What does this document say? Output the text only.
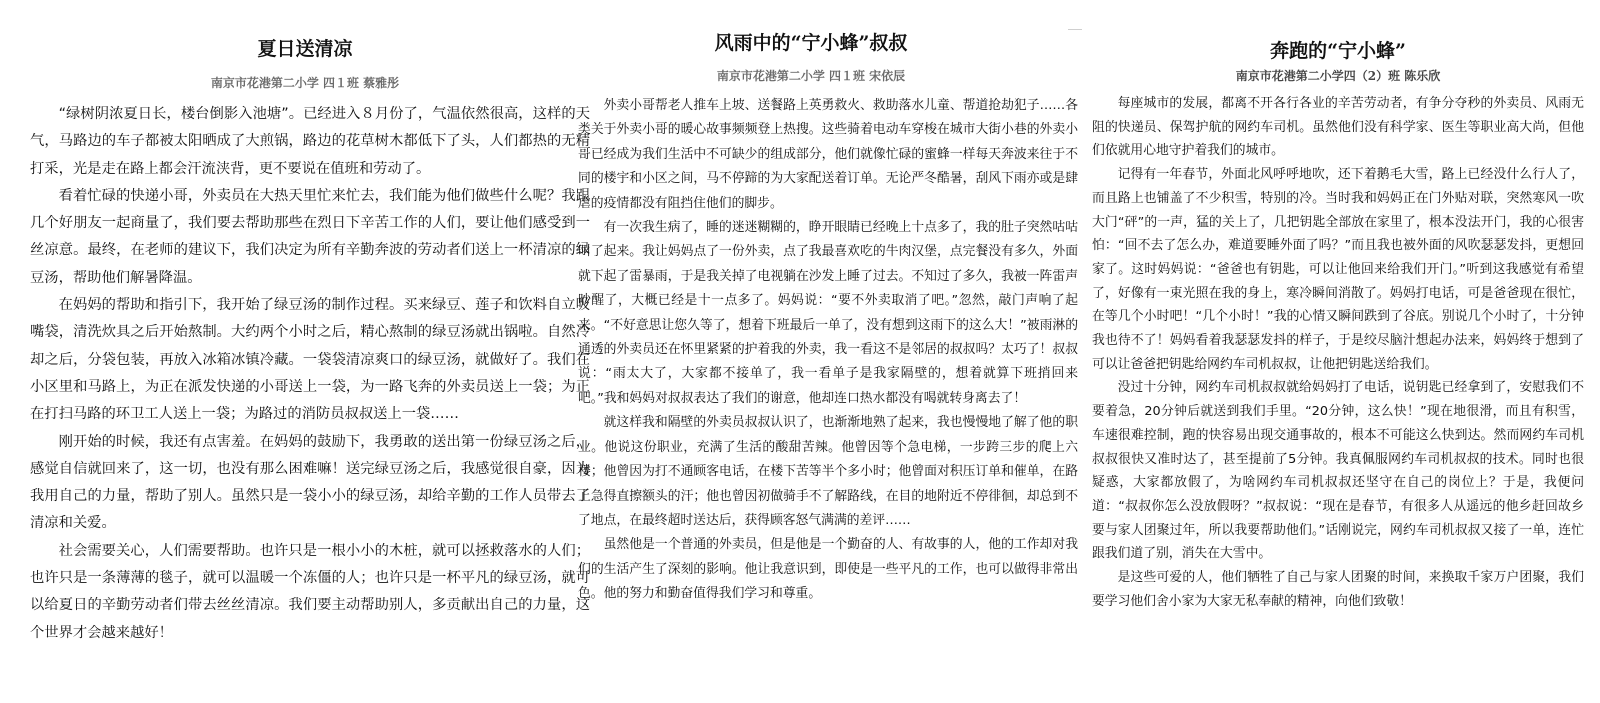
夏日送清凉
南京市花港第二小学 四１班 蔡雅彤

“绿树阴浓夏日长，楼台倒影入池塘”。已经进入８月份了，气温依然很高，这样的天气，马路边的车子都被太阳晒成了大煎锅，路边的花草树木都低下了头，人们都热的无精打采，光是走在路上都会汗流浃背，更不要说在值班和劳动了。

看着忙碌的快递小哥，外卖员在大热天里忙来忙去，我们能为他们做些什么呢？我跟几个好朋友一起商量了，我们要去帮助那些在烈日下辛苦工作的人们，要让他们感受到一丝凉意。最终，在老师的建议下，我们决定为所有辛勤奔波的劳动者们送上一杯清凉的绿豆汤，帮助他们解暑降温。

在妈妈的帮助和指引下，我开始了绿豆汤的制作过程。买来绿豆、莲子和饮料自立吸嘴袋，清洗炊具之后开始熬制。大约两个小时之后，精心熬制的绿豆汤就出锅啦。自然冷却之后，分袋包装，再放入冰箱冰镇冷藏。一袋袋清凉爽口的绿豆汤，就做好了。我们在小区里和马路上，为正在派发快递的小哥送上一袋，为一路飞奔的外卖员送上一袋；为正在打扫马路的环卫工人送上一袋；为路过的消防员叔叔送上一袋……

刚开始的时候，我还有点害羞。在妈妈的鼓励下，我勇敢的送出第一份绿豆汤之后，感觉自信就回来了，这一切，也没有那么困难嘛！送完绿豆汤之后，我感觉很自豪，因为我用自己的力量，帮助了别人。虽然只是一袋小小的绿豆汤，却给辛勤的工作人员带去了清凉和关爱。

社会需要关心，人们需要帮助。也许只是一根小小的木桩，就可以拯救落水的人们；也许只是一条薄薄的毯子，就可以温暖一个冻僵的人；也许只是一杯平凡的绿豆汤，就可以给夏日的辛勤劳动者们带去丝丝清凉。我们要主动帮助别人，多贡献出自己的力量，这个世界才会越来越好！

风雨中的“宁小蜂”叔叔
南京市花港第二小学 四１班 宋依辰

外卖小哥帮老人推车上坡、送餐路上英勇救火、救助落水儿童、帮道抢劫犯子……各类关于外卖小哥的暖心故事频频登上热搜。这些骑着电动车穿梭在城市大街小巷的外卖小哥已经成为我们生活中不可缺少的组成部分，他们就像忙碌的蜜蜂一样每天奔波来往于不同的楼宇和小区之间，马不停蹄的为大家配送着订单。无论严冬酷暑，刮风下雨亦或是肆虐的疫情都没有阻挡住他们的脚步。

有一次我生病了，睡的迷迷糊糊的，睁开眼睛已经晚上十点多了，我的肚子突然咕咕叫了起来。我让妈妈点了一份外卖，点了我最喜欢吃的牛肉汉堡，点完餐没有多久，外面就下起了雷暴雨，于是我关掉了电视躺在沙发上睡了过去。不知过了多久，我被一阵雷声吵醒了，大概已经是十一点多了。妈妈说：“要不外卖取消了吧。”忽然，敲门声响了起来。“不好意思让您久等了，想着下班最后一单了，没有想到这雨下的这么大！”被雨淋的通透的外卖员还在怀里紧紧的护着我的外卖，我一看这不是邻居的叔叔吗？太巧了！叔叔说：“雨太大了，大家都不接单了，我一看单子是我家隔壁的，想着就算下班捎回来吧。”我和妈妈对叔叔表达了我们的谢意，他却连口热水都没有喝就转身离去了！

就这样我和隔壁的外卖员叔叔认识了，也渐渐地熟了起来，我也慢慢地了解了他的职业。他说这份职业，充满了生活的酸甜苦辣。他曾因等个急电梯，一步跨三步的爬上六楼；他曾因为打不通顾客电话，在楼下苦等半个多小时；他曾面对积压订单和催单，在路上急得直擦额头的汗；他也曾因初做骑手不了解路线，在目的地附近不停徘徊，却总到不了地点，在最终超时送达后，获得顾客怒气满满的差评……

虽然他是一个普通的外卖员，但是他是一个勤奋的人、有故事的人，他的工作却对我们的生活产生了深刻的影响。他让我意识到，即使是一些平凡的工作，也可以做得非常出色。他的努力和勤奋值得我们学习和尊重。

奔跑的“宁小蜂”
南京市花港第二小学四（2）班 陈乐欣

每座城市的发展，都离不开各行各业的辛苦劳动者，有争分夺秒的外卖员、风雨无阻的快递员、保驾护航的网约车司机。虽然他们没有科学家、医生等职业高大尚，但他们依就用心地守护着我们的城市。

记得有一年春节，外面北风呼呼地吹，还下着鹅毛大雪，路上已经没什么行人了，而且路上也铺盖了不少积雪，特别的冷。当时我和妈妈正在门外贴对联，突然寒风一吹大门“砰”的一声，猛的关上了，几把钥匙全部放在家里了，根本没法开门，我的心很害怕：“回不去了怎么办，难道要睡外面了吗？”而且我也被外面的风吹瑟瑟发抖，更想回家了。这时妈妈说：“爸爸也有钥匙，可以让他回来给我们开门。”听到这我感觉有希望了，好像有一束光照在我的身上，寒冷瞬间消散了。妈妈打电话，可是爸爸现在很忙，在等几个小时吧！“几个小时！”我的心情又瞬间跌到了谷底。别说几个小时了，十分钟我也待不了！妈妈看着我瑟瑟发抖的样子，于是绞尽脑汁想起办法来，妈妈终于想到了可以让爸爸把钥匙给网约车司机叔叔，让他把钥匙送给我们。

没过十分钟，网约车司机叔叔就给妈妈打了电话，说钥匙已经拿到了，安慰我们不要着急，20分钟后就送到我们手里。“20分钟，这么快！”现在地很滑，而且有积雪，车速很难控制，跑的快容易出现交通事故的，根本不可能这么快到达。然而网约车司机叔叔很快又准时达了，甚至提前了5分钟。我真佩服网约车司机叔叔的技术。同时也很疑惑，大家都放假了，为啥网约车司机叔叔还坚守在自己的岗位上？于是，我便问道：“叔叔你怎么没放假呀？”叔叔说：“现在是春节，有很多人从遥远的他乡赶回故乡要与家人团聚过年，所以我要帮助他们。”话刚说完，网约车司机叔叔又接了一单，连忙跟我们道了别，消失在大雪中。

是这些可爱的人，他们牺牲了自己与家人团聚的时间，来换取千家万户团聚，我们要学习他们舍小家为大家无私奉献的精神，向他们致敬！
